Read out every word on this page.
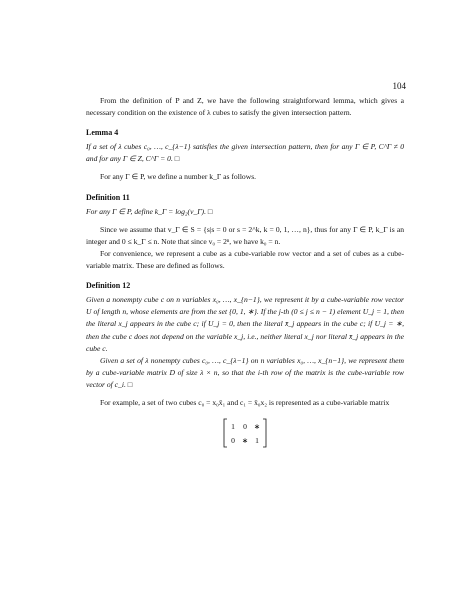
104

From the definition of P and Z, we have the following straightforward lemma, which gives a necessary condition on the existence of λ cubes to satisfy the given intersection pattern.

Lemma 4

If a set of λ cubes c₀, …, c_{λ−1} satisfies the given intersection pattern, then for any Γ ∈ P, C^Γ ≠ 0 and for any Γ ∈ Z, C^Γ = 0. □

For any Γ ∈ P, we define a number k_Γ as follows.

Definition 11

For any Γ ∈ P, define k_Γ = log₂(v_Γ). □

Since we assume that v_Γ ∈ S = {s|s = 0 or s = 2^k, k = 0, 1, …, n}, thus for any Γ ∈ P, k_Γ is an integer and 0 ≤ k_Γ ≤ n. Note that since v₀ = 2ⁿ, we have k₀ = n.

For convenience, we represent a cube as a cube-variable row vector and a set of cubes as a cube-variable matrix. These are defined as follows.

Definition 12

Given a nonempty cube c on n variables x₀, …, x_{n−1}, we represent it by a cube-variable row vector U of length n, whose elements are from the set {0, 1, ∗}. If the j-th (0 ≤ j ≤ n − 1) element U_j = 1, then the literal x_j appears in the cube c; if U_j = 0, then the literal x̄_j appears in the cube c; if U_j = ∗, then the cube c does not depend on the variable x_j, i.e., neither literal x_j nor literal x̄_j appears in the cube c.

Given a set of λ nonempty cubes c₀, …, c_{λ−1} on n variables x₀, …, x_{n−1}, we represent them by a cube-variable matrix D of size λ × n, so that the i-th row of the matrix is the cube-variable row vector of c_i. □

For example, a set of two cubes c₀ = x₀x̄₁ and c₁ = x̄₀x₂ is represented as a cube-variable matrix

1 0 ∗
0 ∗ 1
